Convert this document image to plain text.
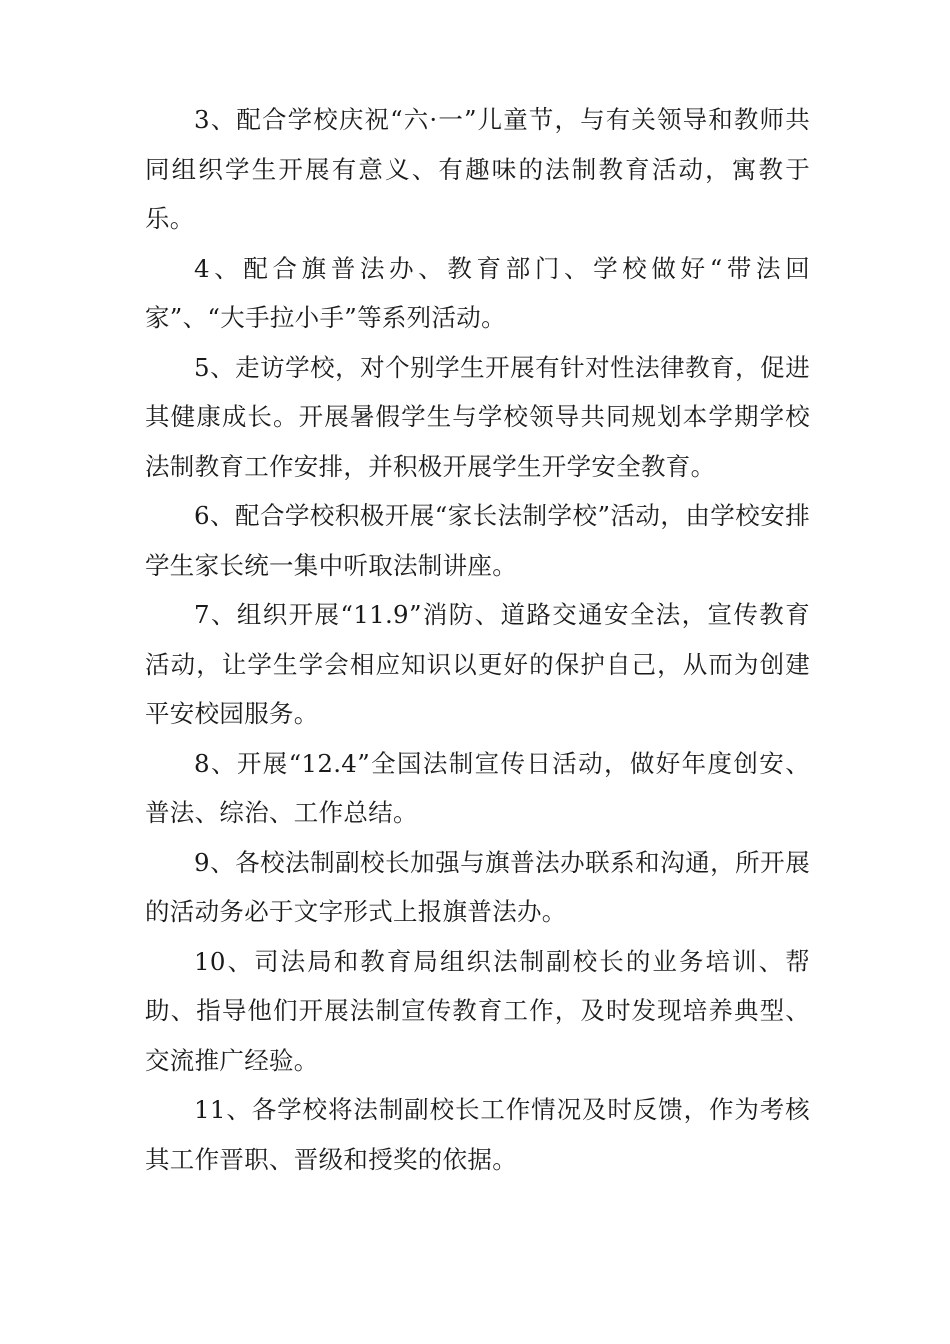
3、配合学校庆祝“六·一”儿童节，与有关领导和教师共同组织学生开展有意义、有趣味的法制教育活动，寓教于乐。

4、配合旗普法办、教育部门、学校做好“带法回家”、“大手拉小手”等系列活动。

5、走访学校，对个别学生开展有针对性法律教育，促进其健康成长。开展暑假学生与学校领导共同规划本学期学校法制教育工作安排，并积极开展学生开学安全教育。

6、配合学校积极开展“家长法制学校”活动，由学校安排学生家长统一集中听取法制讲座。

7、组织开展“11.9”消防、道路交通安全法，宣传教育活动，让学生学会相应知识以更好的保护自己，从而为创建平安校园服务。

8、开展“12.4”全国法制宣传日活动，做好年度创安、普法、综治、工作总结。

9、各校法制副校长加强与旗普法办联系和沟通，所开展的活动务必于文字形式上报旗普法办。

10、司法局和教育局组织法制副校长的业务培训、帮助、指导他们开展法制宣传教育工作，及时发现培养典型、交流推广经验。

11、各学校将法制副校长工作情况及时反馈，作为考核其工作晋职、晋级和授奖的依据。
